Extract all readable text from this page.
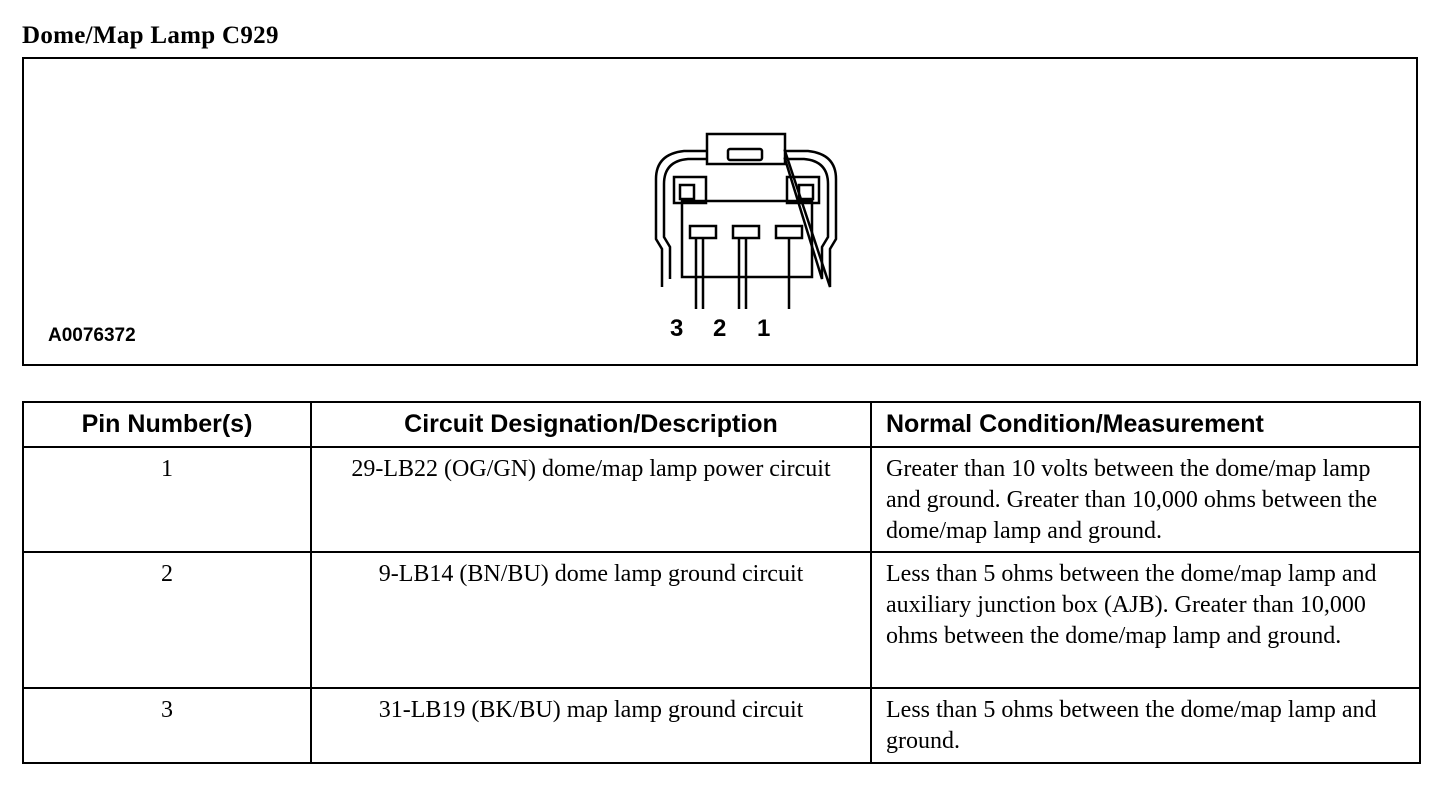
Dome/Map Lamp C929
3 2 1
A0076372
Pin Number(s)	Circuit Designation/Description	Normal Condition/Measurement
1	29-LB22 (OG/GN) dome/map lamp power circuit	Greater than 10 volts between the dome/map lamp and ground. Greater than 10,000 ohms between the dome/map lamp and ground.
2	9-LB14 (BN/BU) dome lamp ground circuit	Less than 5 ohms between the dome/map lamp and auxiliary junction box (AJB). Greater than 10,000 ohms between the dome/map lamp and ground.
3	31-LB19 (BK/BU) map lamp ground circuit	Less than 5 ohms between the dome/map lamp and ground.
